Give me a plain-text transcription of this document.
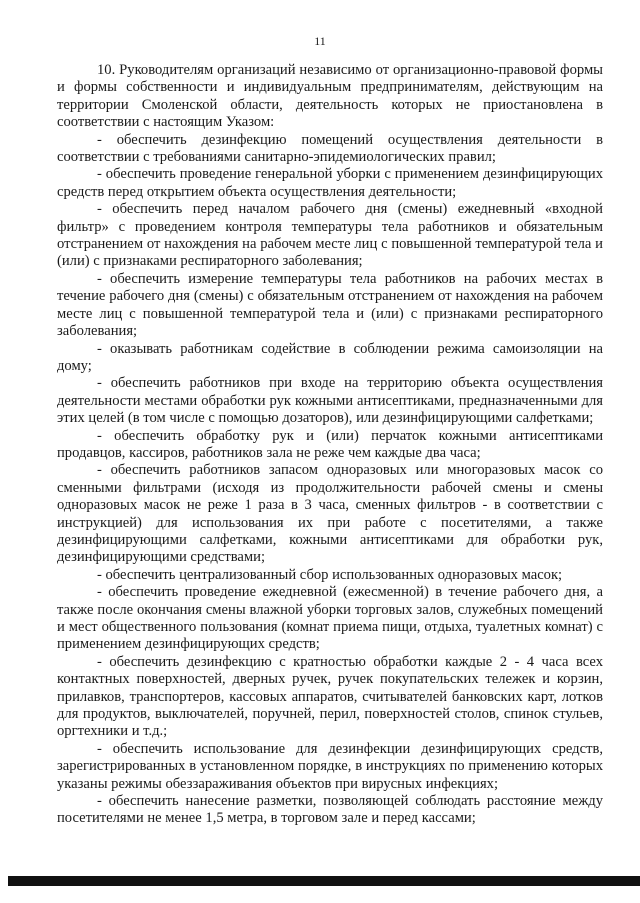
11

10. Руководителям организаций независимо от организационно-правовой формы и формы собственности и индивидуальным предпринимателям, действующим на территории Смоленской области, деятельность которых не приостановлена в соответствии с настоящим Указом:

- обеспечить дезинфекцию помещений осуществления деятельности в соответствии с требованиями санитарно-эпидемиологических правил;

- обеспечить проведение генеральной уборки с применением дезинфицирующих средств перед открытием объекта осуществления деятельности;

- обеспечить перед началом рабочего дня (смены) ежедневный «входной фильтр» с проведением контроля температуры тела работников и обязательным отстранением от нахождения на рабочем месте лиц с повышенной температурой тела и (или) с признаками респираторного заболевания;

- обеспечить измерение температуры тела работников на рабочих местах в течение рабочего дня (смены) с обязательным отстранением от нахождения на рабочем месте лиц с повышенной температурой тела и (или) с признаками респираторного заболевания;

- оказывать работникам содействие в соблюдении режима самоизоляции на дому;

- обеспечить работников при входе на территорию объекта осуществления деятельности местами обработки рук кожными антисептиками, предназначенными для этих целей (в том числе с помощью дозаторов), или дезинфицирующими салфетками;

- обеспечить обработку рук и (или) перчаток кожными антисептиками продавцов, кассиров, работников зала не реже чем каждые два часа;

- обеспечить работников запасом одноразовых или многоразовых масок со сменными фильтрами (исходя из продолжительности рабочей смены и смены одноразовых масок не реже 1 раза в 3 часа, сменных фильтров - в соответствии с инструкцией) для использования их при работе с посетителями, а также дезинфицирующими салфетками, кожными антисептиками для обработки рук, дезинфицирующими средствами;

- обеспечить централизованный сбор использованных одноразовых масок;

- обеспечить проведение ежедневной (ежесменной) в течение рабочего дня, а также после окончания смены влажной уборки торговых залов, служебных помещений и мест общественного пользования (комнат приема пищи, отдыха, туалетных комнат) с применением дезинфицирующих средств;

- обеспечить дезинфекцию с кратностью обработки каждые 2 - 4 часа всех контактных поверхностей, дверных ручек, ручек покупательских тележек и корзин, прилавков, транспортеров, кассовых аппаратов, считывателей банковских карт, лотков для продуктов, выключателей, поручней, перил, поверхностей столов, спинок стульев, оргтехники и т.д.;

- обеспечить использование для дезинфекции дезинфицирующих средств, зарегистрированных в установленном порядке, в инструкциях по применению которых указаны режимы обеззараживания объектов при вирусных инфекциях;

- обеспечить нанесение разметки, позволяющей соблюдать расстояние между посетителями не менее 1,5 метра, в торговом зале и перед кассами;
